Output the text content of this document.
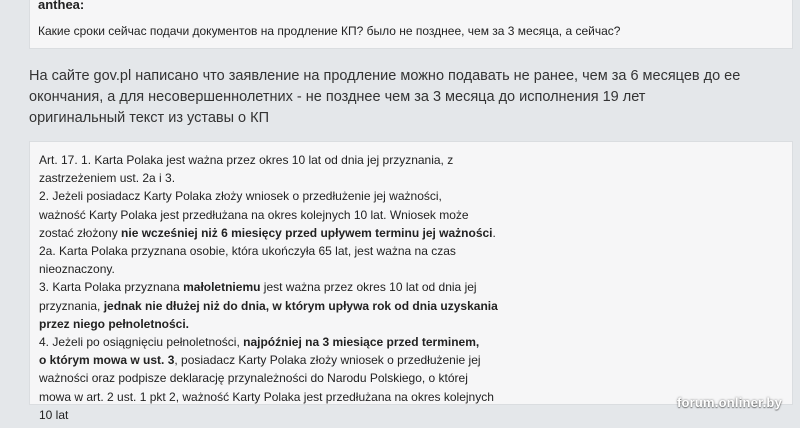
anthea:
Какие сроки сейчас подачи документов на продление КП? было не позднее, чем за 3 месяца, а сейчас?
На сайте gov.pl написано что заявление на продление можно подавать не ранее, чем за 6 месяцев до ее
окончания, а для несовершеннолетних - не позднее чем за 3 месяца до исполнения 19 лет
оригинальный текст из уставы о КП
Art. 17. 1. Karta Polaka jest ważna przez okres 10 lat od dnia jej przyznania, z
zastrzeżeniem ust. 2a i 3.
2. Jeżeli posiadacz Karty Polaka złoży wniosek o przedłużenie jej ważności,
ważność Karty Polaka jest przedłużana na okres kolejnych 10 lat. Wniosek może
zostać złożony nie wcześniej niż 6 miesięcy przed upływem terminu jej ważności.
2a. Karta Polaka przyznana osobie, która ukończyła 65 lat, jest ważna na czas
nieoznaczony.
3. Karta Polaka przyznana małoletniemu jest ważna przez okres 10 lat od dnia jej
przyznania, jednak nie dłużej niż do dnia, w którym upływa rok od dnia uzyskania
przez niego pełnoletności.
4. Jeżeli po osiągnięciu pełnoletności, najpóźniej na 3 miesiące przed terminem,
o którym mowa w ust. 3, posiadacz Karty Polaka złoży wniosek o przedłużenie jej
ważności oraz podpisze deklarację przynależności do Narodu Polskiego, o której
mowa w art. 2 ust. 1 pkt 2, ważność Karty Polaka jest przedłużana na okres kolejnych
10 lat
forum.onliner.by
